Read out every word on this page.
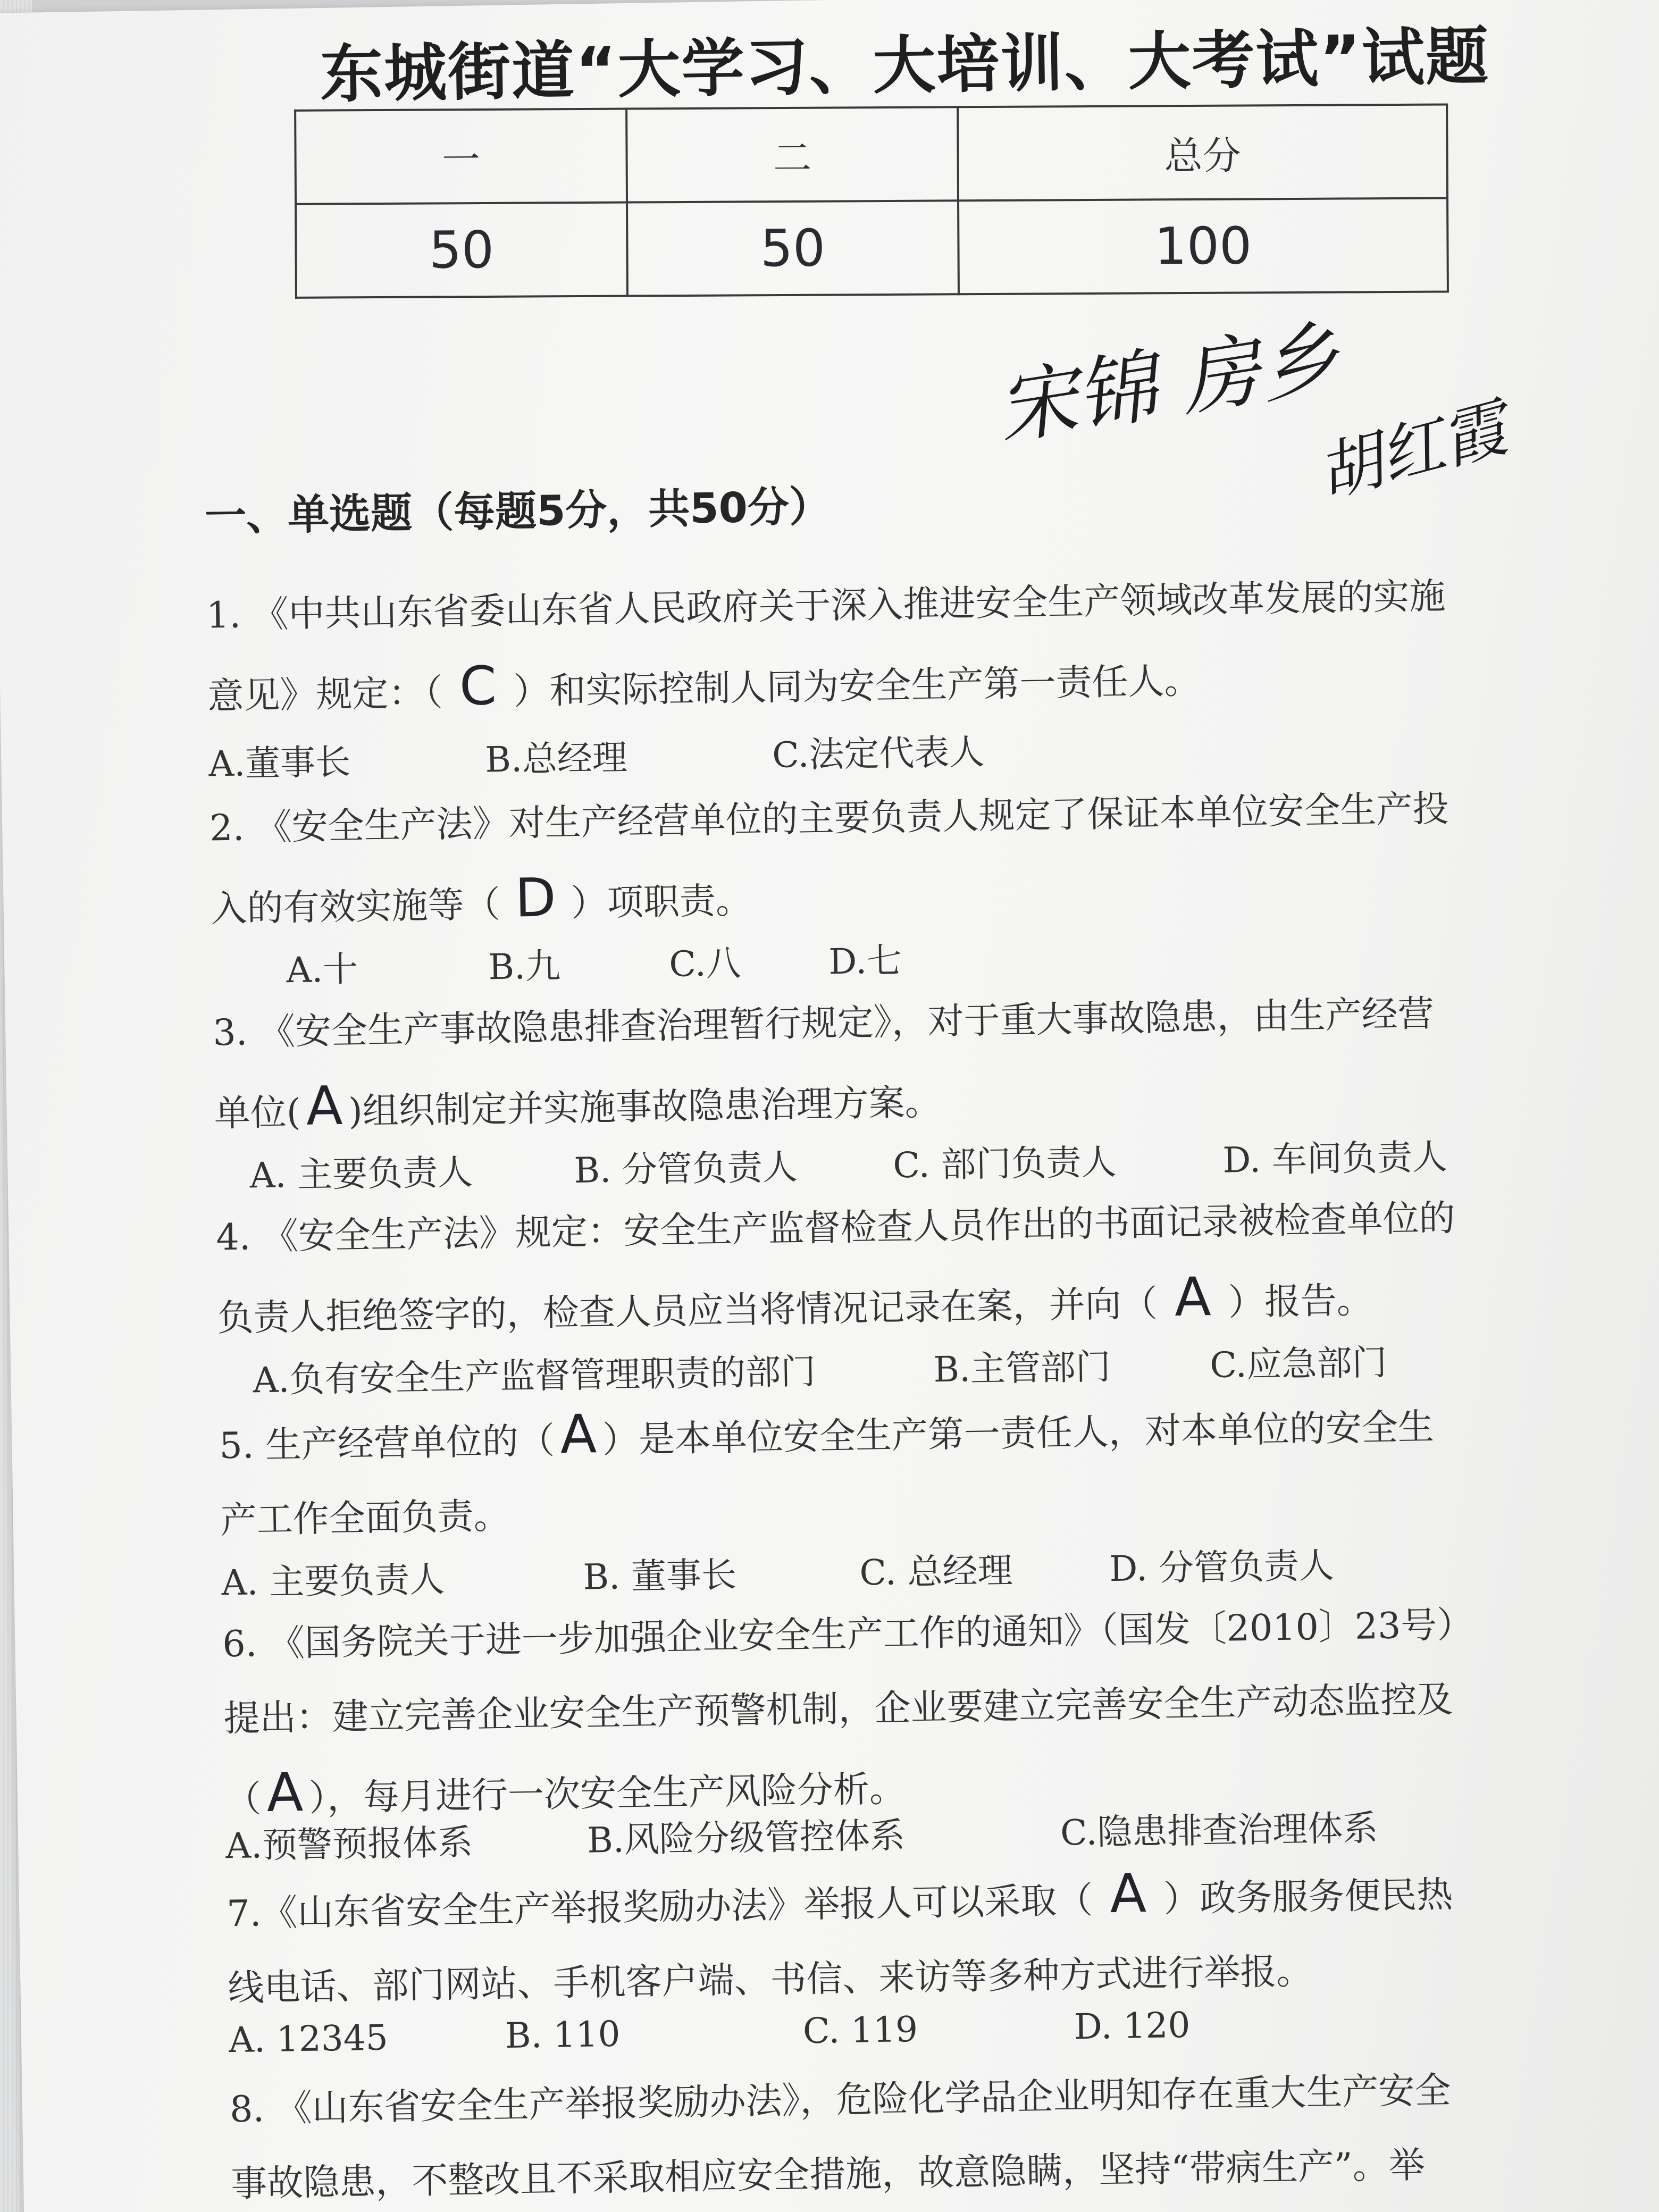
东城街道“大学习、大培训、大考试”试题
一	二	总分
50	50	100
宋锦 房乡
胡红霞
一、单选题（每题5分，共50分）
1. 《中共山东省委山东省人民政府关于深入推进安全生产领域改革发展的实施
意见》规定：（ C ）和实际控制人同为安全生产第一责任人。
A.董事长	B.总经理	C.法定代表人
2. 《安全生产法》对生产经营单位的主要负责人规定了保证本单位安全生产投
入的有效实施等（ D ）项职责。
A.十	B.九	C.八 D.七
3. 《安全生产事故隐患排查治理暂行规定》，对于重大事故隐患，由生产经营
单位(A )组织制定并实施事故隐患治理方案。
A. 主要负责人	B. 分管负责人	C. 部门负责人	D. 车间负责人
4. 《安全生产法》规定：安全生产监督检查人员作出的书面记录被检查单位的
负责人拒绝签字的，检查人员应当将情况记录在案，并向（ A ）报告。
A.负有安全生产监督管理职责的部门	B.主管部门	C.应急部门
5. 生产经营单位的（A ）是本单位安全生产第一责任人，对本单位的安全生
产工作全面负责。
A. 主要负责人	B. 董事长	C. 总经理	D. 分管负责人
6. 《国务院关于进一步加强企业安全生产工作的通知》（国发〔2010〕23号）
提出：建立完善企业安全生产预警机制，企业要建立完善安全生产动态监控及
（A ），每月进行一次安全生产风险分析。
A.预警预报体系	B.风险分级管控体系	C.隐患排查治理体系
7.《山东省安全生产举报奖励办法》举报人可以采取（ A ）政务服务便民热
线电话、部门网站、手机客户端、书信、来访等多种方式进行举报。
A. 12345	B. 110	C. 119	D. 120
8. 《山东省安全生产举报奖励办法》，危险化学品企业明知存在重大生产安全
事故隐患，不整改且不采取相应安全措施，故意隐瞒，坚持“带病生产”。举
